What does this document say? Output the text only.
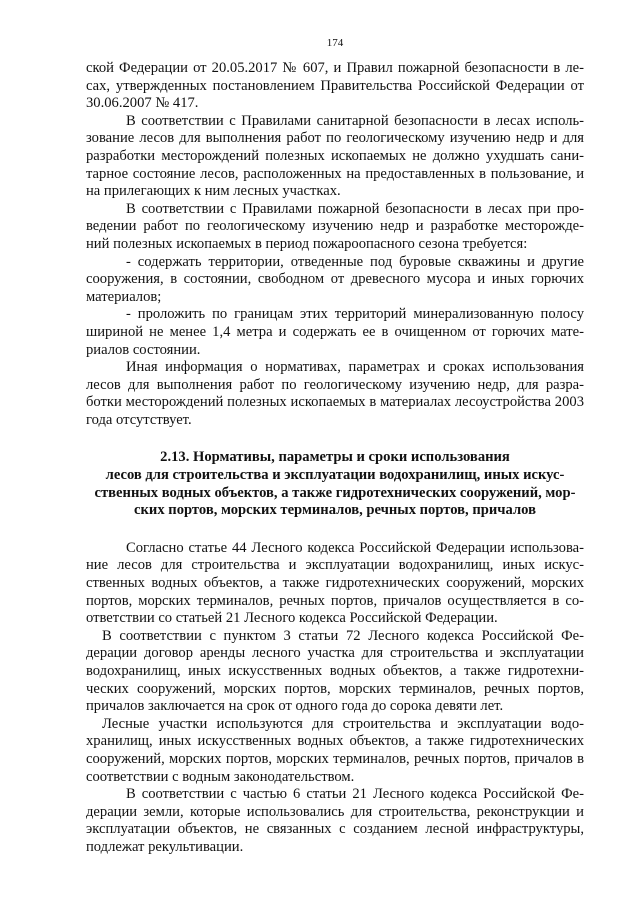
174

ской Федерации от 20.05.2017 № 607, и Правил пожарной безопасности в ле- сах, утвержденных постановлением Правительства Российской Федерации от 30.06.2007 № 417.

В соответствии с Правилами санитарной безопасности в лесах исполь- зование лесов для выполнения работ по геологическому изучению недр и для разработки месторождений полезных ископаемых не должно ухудшать сани- тарное состояние лесов, расположенных на предоставленных в пользование, и на прилегающих к ним лесных участках.

В соответствии с Правилами пожарной безопасности в лесах при про- ведении работ по геологическому изучению недр и разработке месторожде- ний полезных ископаемых в период пожароопасного сезона требуется:

- содержать территории, отведенные под буровые скважины и другие сооружения, в состоянии, свободном от древесного мусора и иных горючих материалов;

- проложить по границам этих территорий минерализованную полосу шириной не менее 1,4 метра и содержать ее в очищенном от горючих мате- риалов состоянии.

Иная информация о нормативах, параметрах и сроках использования лесов для выполнения работ по геологическому изучению недр, для разра- ботки месторождений полезных ископаемых в материалах лесоустройства 2003 года отсутствует.

2.13. Нормативы, параметры и сроки использования
лесов для строительства и эксплуатации водохранилищ, иных искус-
ственных водных объектов, а также гидротехнических сооружений, мор-
ских портов, морских терминалов, речных портов, причалов

Согласно статье 44 Лесного кодекса Российской Федерации использова- ние лесов для строительства и эксплуатации водохранилищ, иных искус- ственных водных объектов, а также гидротехнических сооружений, морских портов, морских терминалов, речных портов, причалов осуществляется в со- ответствии со статьей 21 Лесного кодекса Российской Федерации.

В соответствии с пунктом 3 статьи 72 Лесного кодекса Российской Фе- дерации договор аренды лесного участка для строительства и эксплуатации водохранилищ, иных искусственных водных объектов, а также гидротехни- ческих сооружений, морских портов, морских терминалов, речных портов, причалов заключается на срок от одного года до сорока девяти лет.

Лесные участки используются для строительства и эксплуатации водо- хранилищ, иных искусственных водных объектов, а также гидротехнических сооружений, морских портов, морских терминалов, речных портов, причалов в соответствии с водным законодательством.

В соответствии с частью 6 статьи 21 Лесного кодекса Российской Фе- дерации земли, которые использовались для строительства, реконструкции и эксплуатации объектов, не связанных с созданием лесной инфраструктуры, подлежат рекультивации.
